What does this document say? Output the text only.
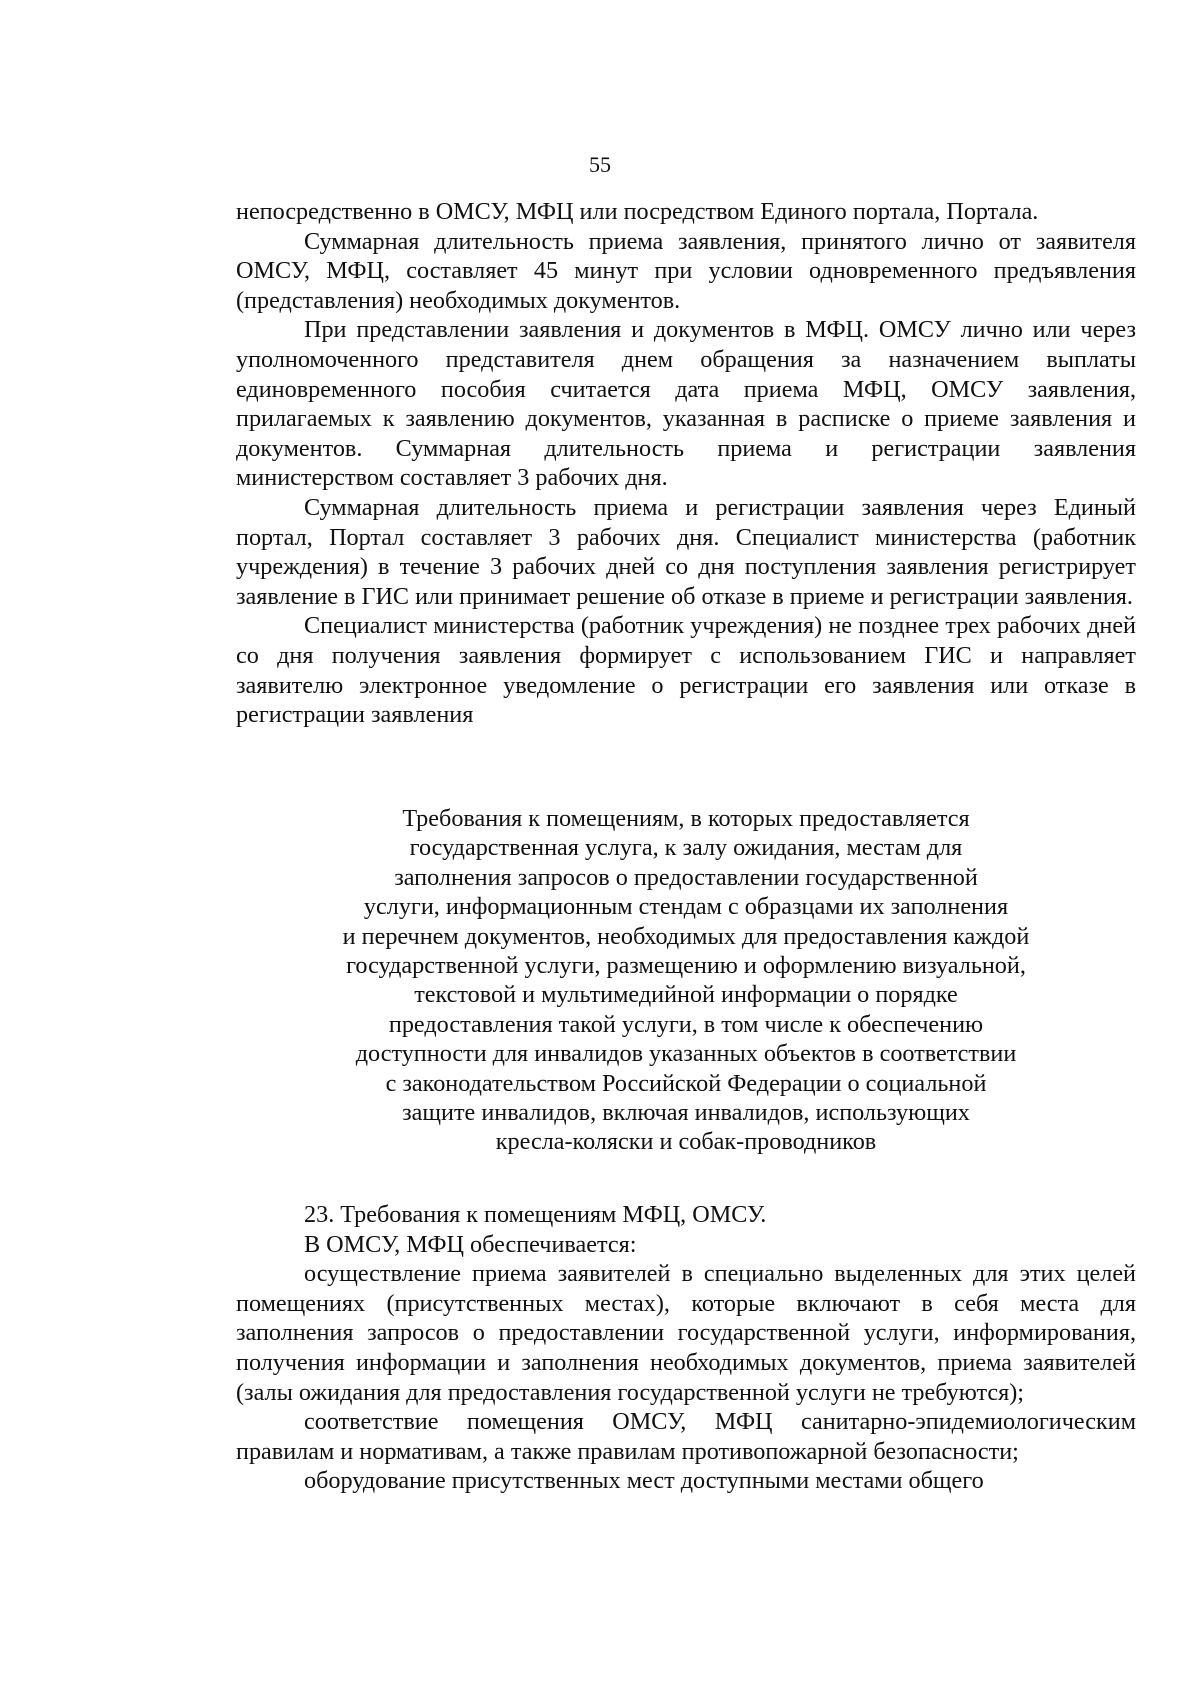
55

непосредственно в ОМСУ, МФЦ или посредством Единого портала, Портала.

Суммарная длительность приема заявления, принятого лично от заявителя ОМСУ, МФЦ, составляет 45 минут при условии одновременного предъявления (представления) необходимых документов.

При представлении заявления и документов в МФЦ. ОМСУ лично или через уполномоченного представителя днем обращения за назначением выплаты единовременного пособия считается дата приема МФЦ, ОМСУ заявления, прилагаемых к заявлению документов, указанная в расписке о приеме заявления и документов. Суммарная длительность приема и регистрации заявления министерством составляет 3 рабочих дня.

Суммарная длительность приема и регистрации заявления через Единый портал, Портал составляет 3 рабочих дня. Специалист министерства (работник учреждения) в течение 3 рабочих дней со дня поступления заявления регистрирует заявление в ГИС или принимает решение об отказе в приеме и регистрации заявления.

Специалист министерства (работник учреждения) не позднее трех рабочих дней со дня получения заявления формирует с использованием ГИС и направляет заявителю электронное уведомление о регистрации его заявления или отказе в регистрации заявления

Требования к помещениям, в которых предоставляется
государственная услуга, к залу ожидания, местам для
заполнения запросов о предоставлении государственной
услуги, информационным стендам с образцами их заполнения
и перечнем документов, необходимых для предоставления каждой
государственной услуги, размещению и оформлению визуальной,
текстовой и мультимедийной информации о порядке
предоставления такой услуги, в том числе к обеспечению
доступности для инвалидов указанных объектов в соответствии
с законодательством Российской Федерации о социальной
защите инвалидов, включая инвалидов, использующих
кресла-коляски и собак-проводников

23. Требования к помещениям МФЦ, ОМСУ.

В ОМСУ, МФЦ обеспечивается:

осуществление приема заявителей в специально выделенных для этих целей помещениях (присутственных местах), которые включают в себя места для заполнения запросов о предоставлении государственной услуги, информирования, получения информации и заполнения необходимых документов, приема заявителей (залы ожидания для предоставления государственной услуги не требуются);

соответствие помещения ОМСУ, МФЦ санитарно-эпидемиологическим правилам и нормативам, а также правилам противопожарной безопасности;

оборудование присутственных мест доступными местами общего
